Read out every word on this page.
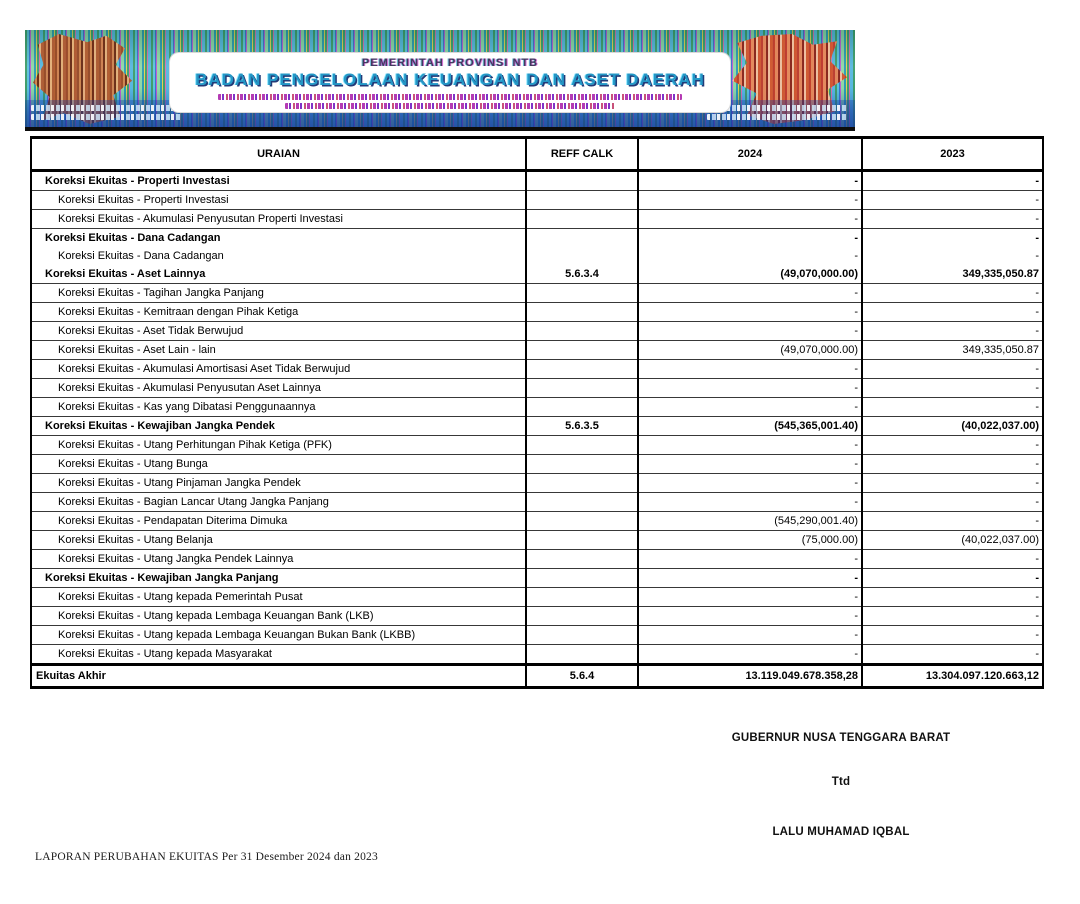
PEMERINTAH PROVINSI NTB
BADAN PENGELOLAAN KEUANGAN DAN ASET DAERAH
URAIAN	REFF CALK	2024	2023
Koreksi Ekuitas - Properti Investasi		-	-
Koreksi Ekuitas - Properti Investasi		-	-
Koreksi Ekuitas - Akumulasi Penyusutan Properti Investasi		-	-
Koreksi Ekuitas - Dana Cadangan		-	-
Koreksi Ekuitas - Dana Cadangan		-	-
Koreksi Ekuitas - Aset Lainnya	5.6.3.4	(49,070,000.00)	349,335,050.87
Koreksi Ekuitas - Tagihan Jangka Panjang		-	-
Koreksi Ekuitas - Kemitraan dengan Pihak Ketiga		-	-
Koreksi Ekuitas - Aset Tidak Berwujud		-	-
Koreksi Ekuitas - Aset Lain - lain		(49,070,000.00)	349,335,050.87
Koreksi Ekuitas - Akumulasi Amortisasi Aset Tidak Berwujud		-	-
Koreksi Ekuitas - Akumulasi Penyusutan Aset Lainnya		-	-
Koreksi Ekuitas - Kas yang Dibatasi Penggunaannya		-	-
Koreksi Ekuitas - Kewajiban Jangka Pendek	5.6.3.5	(545,365,001.40)	(40,022,037.00)
Koreksi Ekuitas - Utang Perhitungan Pihak Ketiga (PFK)		-	-
Koreksi Ekuitas - Utang Bunga		-	-
Koreksi Ekuitas - Utang Pinjaman Jangka Pendek		-	-
Koreksi Ekuitas - Bagian Lancar Utang Jangka Panjang		-	-
Koreksi Ekuitas - Pendapatan Diterima Dimuka		(545,290,001.40)	-
Koreksi Ekuitas - Utang Belanja		(75,000.00)	(40,022,037.00)
Koreksi Ekuitas - Utang Jangka Pendek Lainnya		-	-
Koreksi Ekuitas - Kewajiban Jangka Panjang		-	-
Koreksi Ekuitas - Utang kepada Pemerintah Pusat		-	-
Koreksi Ekuitas - Utang kepada Lembaga Keuangan Bank (LKB)		-	-
Koreksi Ekuitas - Utang kepada Lembaga Keuangan Bukan Bank (LKBB)		-	-
Koreksi Ekuitas - Utang kepada Masyarakat		-	-
Ekuitas Akhir	5.6.4	13.119.049.678.358,28	13.304.097.120.663,12
GUBERNUR NUSA TENGGARA BARAT
Ttd
LALU MUHAMAD IQBAL
LAPORAN PERUBAHAN EKUITAS Per 31 Desember 2024 dan 2023
